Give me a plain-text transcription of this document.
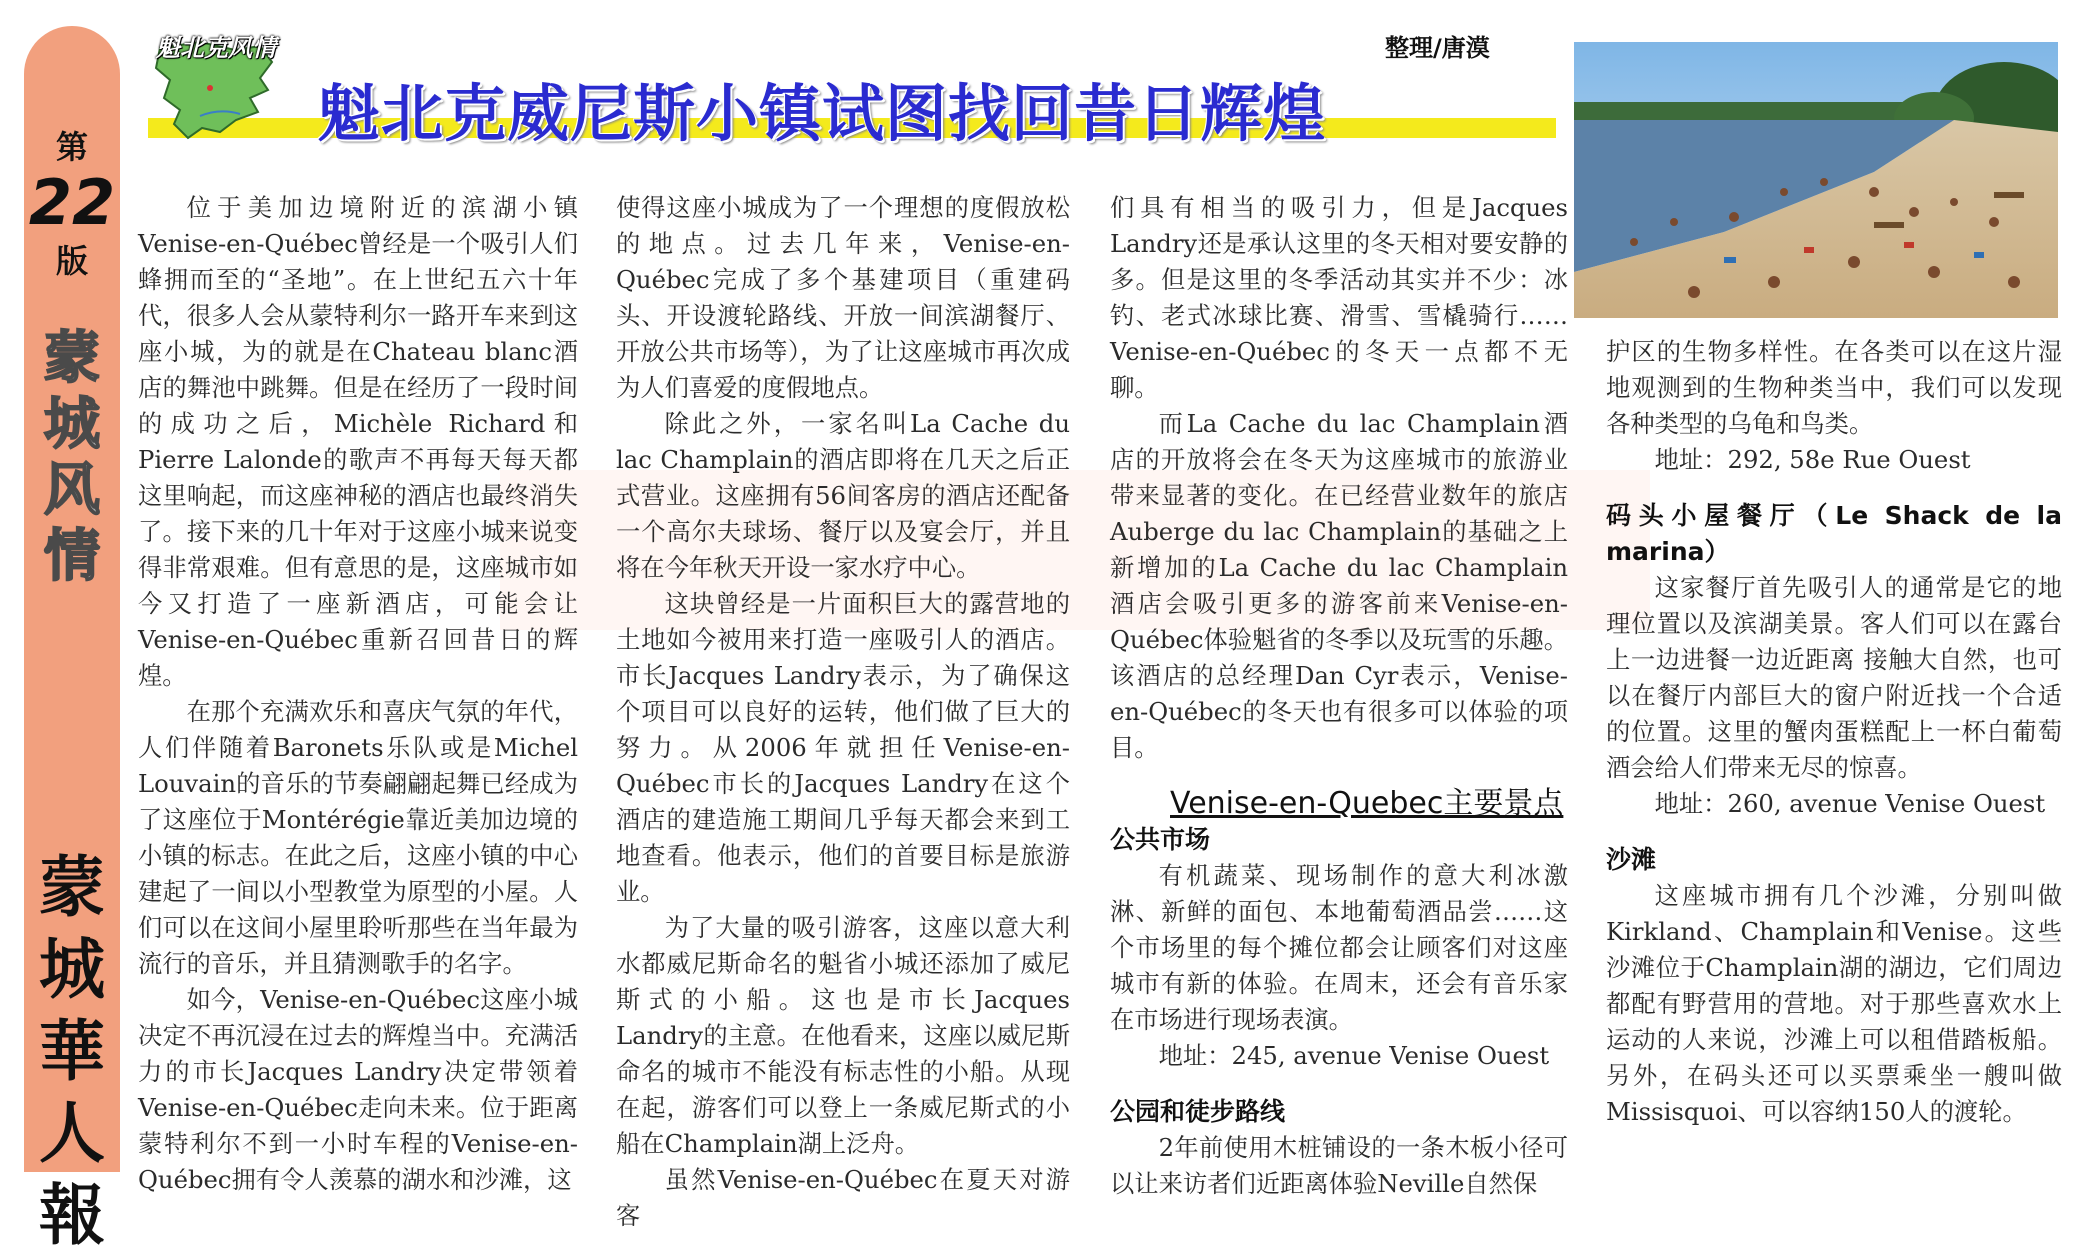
第
22
版
蒙
城
风
情
蒙
城
華
人
報
魁北克风情
魁北克威尼斯小镇试图找回昔日辉煌
整理/唐漠

位于美加边境附近的滨湖小镇Venise-en-Québec曾经是一个吸引人们蜂拥而至的“圣地”。在上世纪五六十年代，很多人会从蒙特利尔一路开车来到这座小城，为的就是在Chateau blanc酒店的舞池中跳舞。但是在经历了一段时间的成功之后，Michèle Richard和Pierre Lalonde的歌声不再每天每天都这里响起，而这座神秘的酒店也最终消失了。接下来的几十年对于这座小城来说变得非常艰难。但有意思的是，这座城市如今又打造了一座新酒店，可能会让Venise-en-Québec重新召回昔日的辉煌。

在那个充满欢乐和喜庆气氛的年代，人们伴随着Baronets乐队或是Michel Louvain的音乐的节奏翩翩起舞已经成为了这座位于Montérégie靠近美加边境的小镇的标志。在此之后，这座小镇的中心建起了一间以小型教堂为原型的小屋。人们可以在这间小屋里聆听那些在当年最为流行的音乐，并且猜测歌手的名字。

如今，Venise-en-Québec这座小城决定不再沉浸在过去的辉煌当中。充满活力的市长Jacques Landry决定带领着Venise-en-Québec走向未来。位于距离蒙特利尔不到一小时车程的Venise-en-Québec拥有令人羡慕的湖水和沙滩，这

使得这座小城成为了一个理想的度假放松的地点。过去几年来，Venise-en-Québec完成了多个基建项目（重建码头、开设渡轮路线、开放一间滨湖餐厅、开放公共市场等），为了让这座城市再次成为人们喜爱的度假地点。

除此之外，一家名叫La Cache du lac Champlain的酒店即将在几天之后正式营业。这座拥有56间客房的酒店还配备一个高尔夫球场、餐厅以及宴会厅，并且将在今年秋天开设一家水疗中心。

这块曾经是一片面积巨大的露营地的土地如今被用来打造一座吸引人的酒店。市长Jacques Landry表示，为了确保这个项目可以良好的运转，他们做了巨大的努力。从2006年就担任Venise-en-Québec市长的Jacques Landry在这个酒店的建造施工期间几乎每天都会来到工地查看。他表示，他们的首要目标是旅游业。

为了大量的吸引游客，这座以意大利水都威尼斯命名的魁省小城还添加了威尼斯式的小船。这也是市长Jacques Landry的主意。在他看来，这座以威尼斯命名的城市不能没有标志性的小船。从现在起，游客们可以登上一条威尼斯式的小船在Champlain湖上泛舟。

虽然Venise-en-Québec在夏天对游客

们具有相当的吸引力，但是Jacques Landry还是承认这里的冬天相对要安静的多。但是这里的冬季活动其实并不少：冰钓、老式冰球比赛、滑雪、雪橇骑行……Venise-en-Québec的冬天一点都不无聊。

而La Cache du lac Champlain酒店的开放将会在冬天为这座城市的旅游业带来显著的变化。在已经营业数年的旅店Auberge du lac Champlain的基础之上新增加的La Cache du lac Champlain酒店会吸引更多的游客前来Venise-en-Québec体验魁省的冬季以及玩雪的乐趣。该酒店的总经理Dan Cyr表示，Venise-en-Québec的冬天也有很多可以体验的项目。

Venise-en-Quebec主要景点

公共市场

有机蔬菜、现场制作的意大利冰激淋、新鲜的面包、本地葡萄酒品尝……这个市场里的每个摊位都会让顾客们对这座城市有新的体验。在周末，还会有音乐家在市场进行现场表演。

地址：245, avenue Venise Ouest

公园和徒步路线

2年前使用木桩铺设的一条木板小径可以让来访者们近距离体验Neville自然保

护区的生物多样性。在各类可以在这片湿地观测到的生物种类当中，我们可以发现各种类型的乌龟和鸟类。

地址：292, 58e Rue Ouest

码头小屋餐厅（Le Shack de la marina）

这家餐厅首先吸引人的通常是它的地理位置以及滨湖美景。客人们可以在露台上一边进餐一边近距离 接触大自然，也可以在餐厅内部巨大的窗户附近找一个合适的位置。这里的蟹肉蛋糕配上一杯白葡萄酒会给人们带来无尽的惊喜。

地址：260, avenue Venise Ouest

沙滩

这座城市拥有几个沙滩，分别叫做Kirkland、Champlain和Venise。这些沙滩位于Champlain湖的湖边，它们周边都配有野营用的营地。对于那些喜欢水上运动的人来说，沙滩上可以租借踏板船。另外，在码头还可以买票乘坐一艘叫做Missisquoi、可以容纳150人的渡轮。
